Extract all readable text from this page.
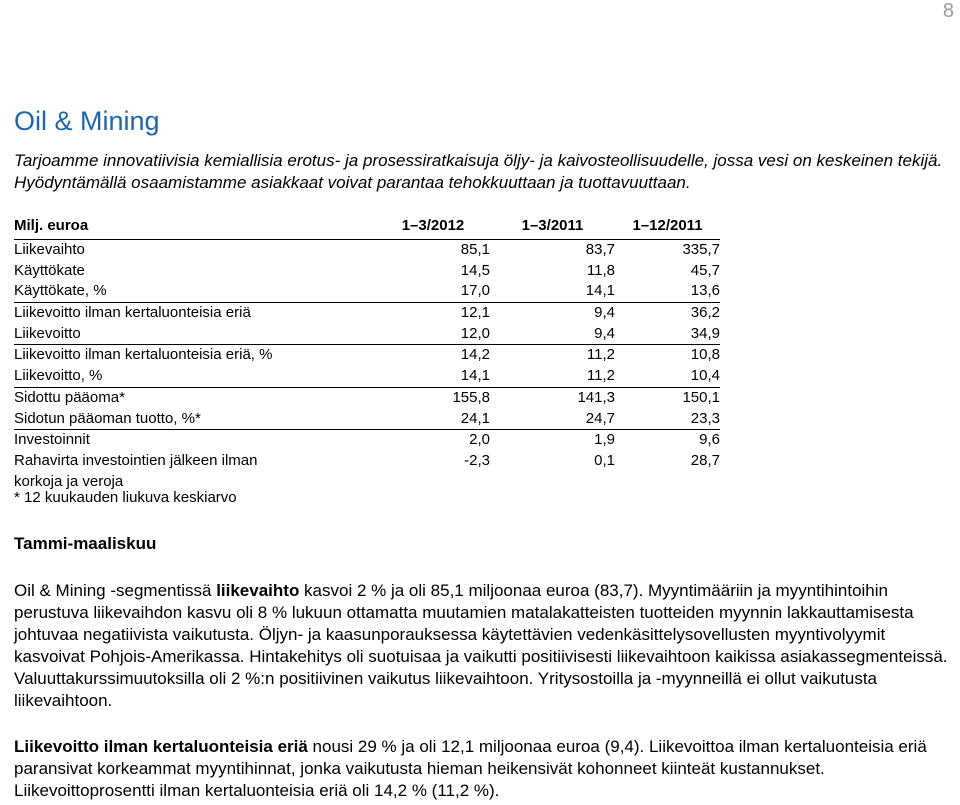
8
Oil & Mining

Tarjoamme innovatiivisia kemiallisia erotus- ja prosessiratkaisuja öljy- ja kaivosteollisuudelle, jossa vesi on keskeinen tekijä. Hyödyntämällä osaamistamme asiakkaat voivat parantaa tehokkuuttaan ja tuottavuuttaan.

Milj. euroa	1–3/2012	1–3/2011	1–12/2011
Liikevaihto	85,1	83,7	335,7
Käyttökate	14,5	11,8	45,7
Käyttökate, %	17,0	14,1	13,6
Liikevoitto ilman kertaluonteisia eriä	12,1	9,4	36,2
Liikevoitto	12,0	9,4	34,9
Liikevoitto ilman kertaluonteisia eriä, %	14,2	11,2	10,8
Liikevoitto, %	14,1	11,2	10,4
Sidottu pääoma*	155,8	141,3	150,1
Sidotun pääoman tuotto, %*	24,1	24,7	23,3
Investoinnit	2,0	1,9	9,6
Rahavirta investointien jälkeen ilman	-2,3	0,1	28,7
korkoja ja veroja			
* 12 kuukauden liukuva keskiarvo
Tammi-maaliskuu

Oil & Mining -segmentissä liikevaihto kasvoi 2 % ja oli 85,1 miljoonaa euroa (83,7). Myyntimääriin ja myyntihintoihin perustuva liikevaihdon kasvu oli 8 % lukuun ottamatta muutamien matalakatteisten tuotteiden myynnin lakkauttamisesta johtuvaa negatiivista vaikutusta. Öljyn- ja kaasunporauksessa käytettävien vedenkäsittelysovellusten myyntivolyymit kasvoivat Pohjois-Amerikassa. Hintakehitys oli suotuisaa ja vaikutti positiivisesti liikevaihtoon kaikissa asiakassegmenteissä. Valuuttakurssimuutoksilla oli 2 %:n positiivinen vaikutus liikevaihtoon. Yritysostoilla ja -myynneillä ei ollut vaikutusta liikevaihtoon.

Liikevoitto ilman kertaluonteisia eriä nousi 29 % ja oli 12,1 miljoonaa euroa (9,4). Liikevoittoa ilman kertaluonteisia eriä paransivat korkeammat myyntihinnat, jonka vaikutusta hieman heikensivät kohonneet kiinteät kustannukset. Liikevoittoprosentti ilman kertaluonteisia eriä oli 14,2 % (11,2 %).
